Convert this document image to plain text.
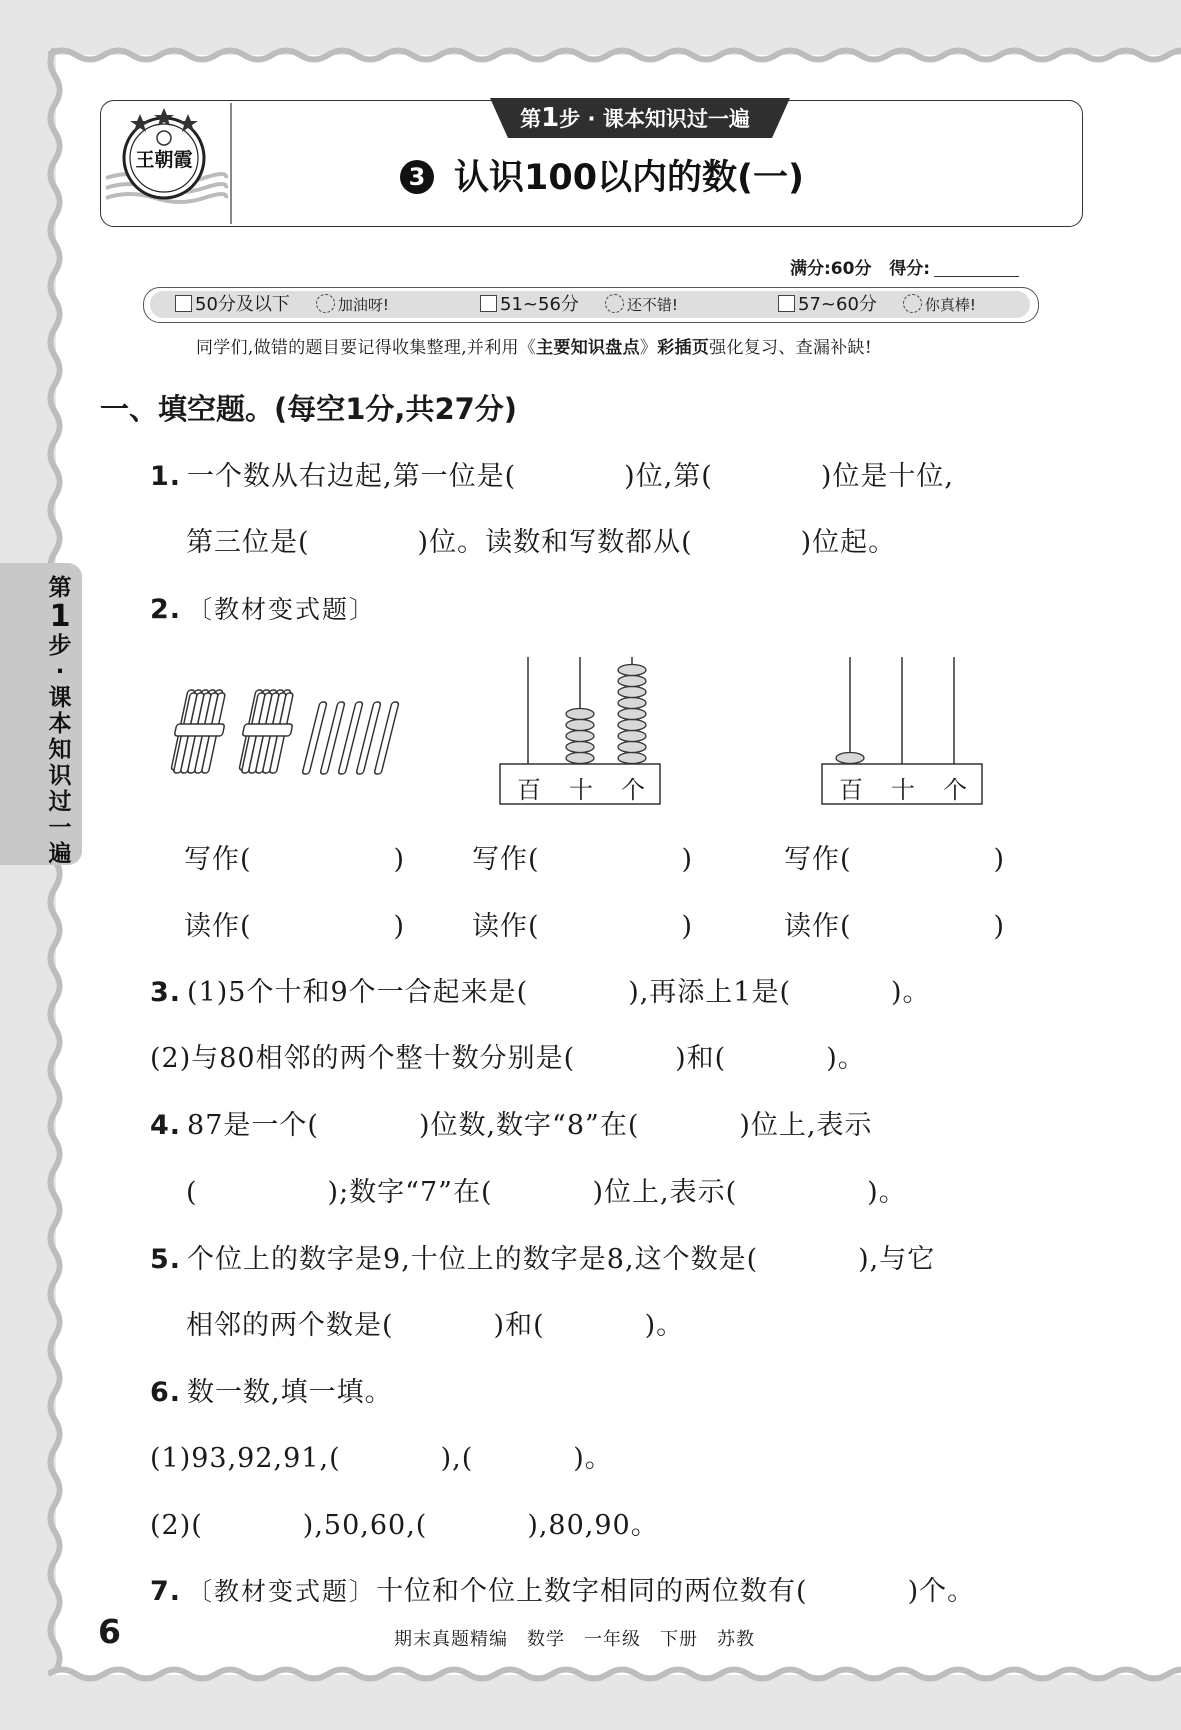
第
1
步
·
课
本
知
识
过
一
遍
王朝霞
第1步 · 课本知识过一遍
3 认识100以内的数(一)
满分:60分 得分:
50分及以下	加油呀!	51~56分	还不错!	57~60分	你真棒!
同学们,做错的题目要记得收集整理,并利用《主要知识盘点》彩插页强化复习、查漏补缺!
一、填空题。(每空1分,共27分)
1. 一个数从右边起,第一位是(	)位,第(	)位是十位,
第三位是(	)位。读数和写数都从(	)位起。
2. 〔教材变式题〕
百 十 个	百 十 个
写作(	) 写作(	)	写作(	)
读作(	) 读作(	)	读作(	)
3. (1)5个十和9个一合起来是(	),再添上1是(	)。
(2)与80相邻的两个整十数分别是(	)和(	)。
4. 87是一个(	)位数,数字“8”在(	)位上,表示
(	);数字“7”在(	)位上,表示(	)。
5. 个位上的数字是9,十位上的数字是8,这个数是(	),与它
相邻的两个数是(	)和(	)。
6. 数一数,填一填。
(1)93,92,91,(	),(	)。
(2)(	),50,60,(	),80,90。
7. 〔教材变式题〕十位和个位上数字相同的两位数有(	)个。
6	期末真题精编　数学　一年级　下册　苏教
